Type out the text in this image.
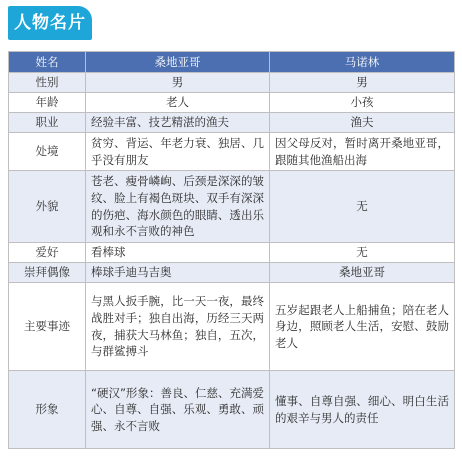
人物名片
姓名	桑地亚哥	马诺林
性别	男	男
年龄	老人	小孩
职业	经验丰富、技艺精湛的渔夫	渔夫
处境	贫穷、背运、年老力衰、独居、几乎没有朋友	因父母反对，暂时离开桑地亚哥，跟随其他渔船出海
外貌	苍老、瘦骨嶙峋、后颈是深深的皱纹、脸上有褐色斑块、双手有深深的伤疤、海水颜色的眼睛、透出乐观和永不言败的神色	无
爱好	看棒球	无
崇拜偶像	棒球手迪马吉奥	桑地亚哥
主要事迹	与黑人扳手腕，比一天一夜，最终战胜对手；独自出海，历经三天两夜，捕获大马林鱼；独自，五次，与群鲨搏斗	五岁起跟老人上船捕鱼；陪在老人身边，照顾老人生活，安慰、鼓励老人
形象	“硬汉”形象：善良、仁慈、充满爱心、自尊、自强、乐观、勇敢、顽强、永不言败	懂事、自尊自强、细心、明白生活的艰辛与男人的责任
